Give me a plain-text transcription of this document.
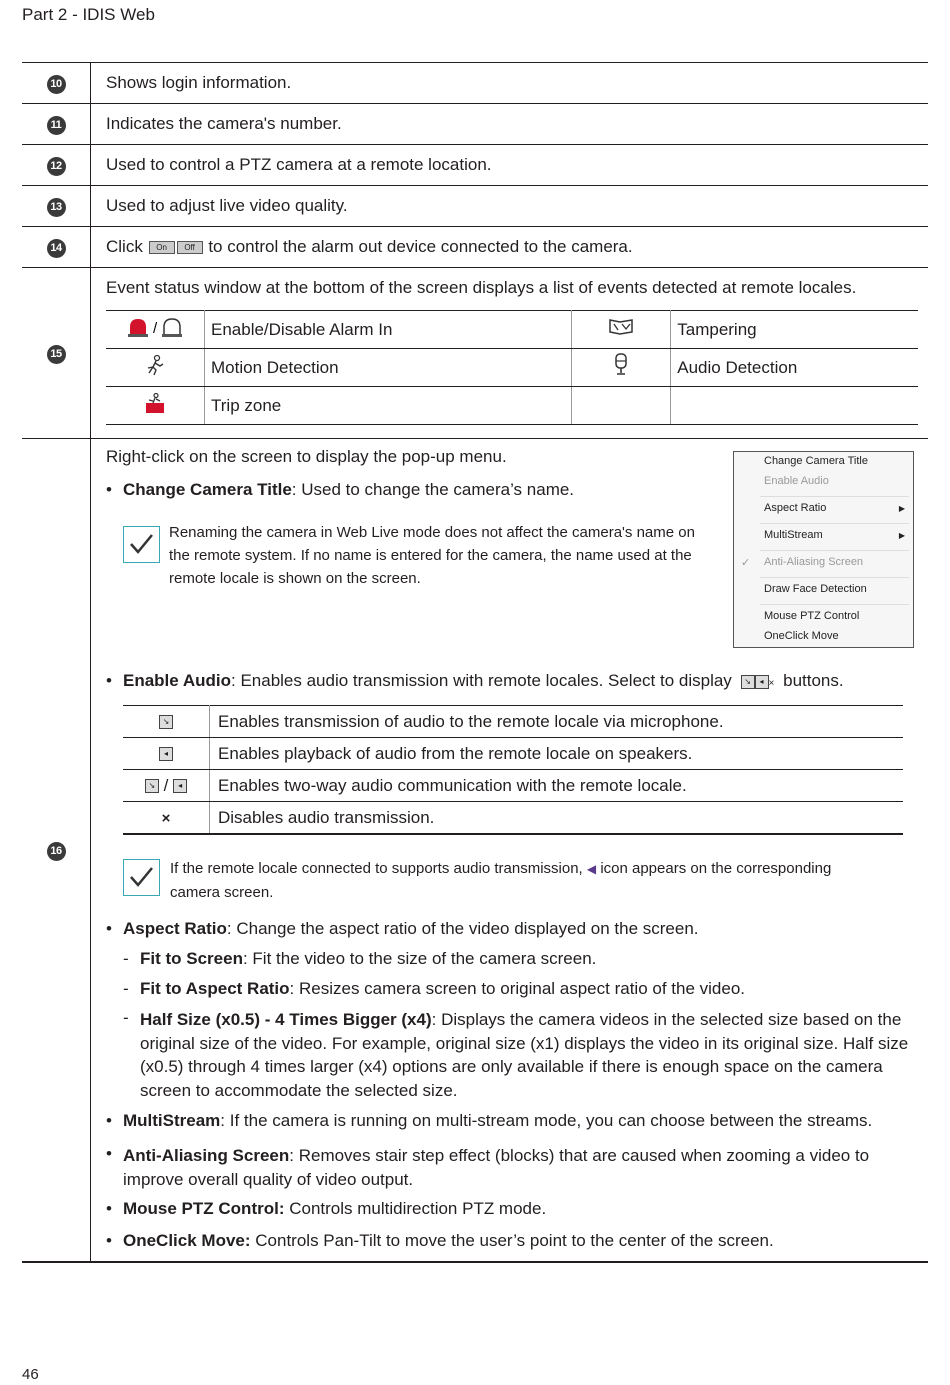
Part 2 - IDIS Web
10	Shows login information.
11	Indicates the camera's number.
12	Used to control a PTZ camera at a remote location.
13	Used to adjust live video quality.
14	Click On Off to control the alarm out device connected to the camera.
15	
Event status window at the bottom of the screen displays a list of events detected at remote locales.
/	Enable/Disable Alarm In		Tampering
	Motion Detection		Audio Detection
	Trip zone		

16	
Right-click on the screen to display the pop-up menu.
• Change Camera Title: Used to change the camera’s name.
Renaming the camera in Web Live mode does not affect the camera's name on the remote system. If no name is entered for the camera, the name used at the remote locale is shown on the screen.
Change Camera Title
Enable Audio
Aspect Ratio	▶
MultiStream	▶
✓ Anti-Aliasing Screen
Draw Face Detection
Mouse PTZ Control
OneClick Move
• Enable Audio: Enables audio transmission with remote locales. Select to display ↘ ◂ × buttons.
↘	Enables transmission of audio to the remote locale via microphone.
◂	Enables playback of audio from the remote locale on speakers.
↘ / ◂	Enables two-way audio communication with the remote locale.
×	Disables audio transmission.
If the remote locale connected to supports audio transmission, ◀ icon appears on the corresponding camera screen.
• Aspect Ratio: Change the aspect ratio of the video displayed on the screen.
- Fit to Screen: Fit the video to the size of the camera screen.
- Fit to Aspect Ratio: Resizes camera screen to original aspect ratio of the video.
- Half Size (x0.5) - 4 Times Bigger (x4): Displays the camera videos in the selected size based on the original size of the video. For example, original size (x1) displays the video in its original size. Half size (x0.5) through 4 times larger (x4) options are only available if there is enough space on the camera screen to accommodate the selected size.
• MultiStream: If the camera is running on multi-stream mode, you can choose between the streams.
• Anti-Aliasing Screen: Removes stair step effect (blocks) that are caused when zooming a video to improve overall quality of video output.
• Mouse PTZ Control: Controls multidirection PTZ mode.
• OneClick Move: Controls Pan-Tilt to move the user’s point to the center of the screen.
46
